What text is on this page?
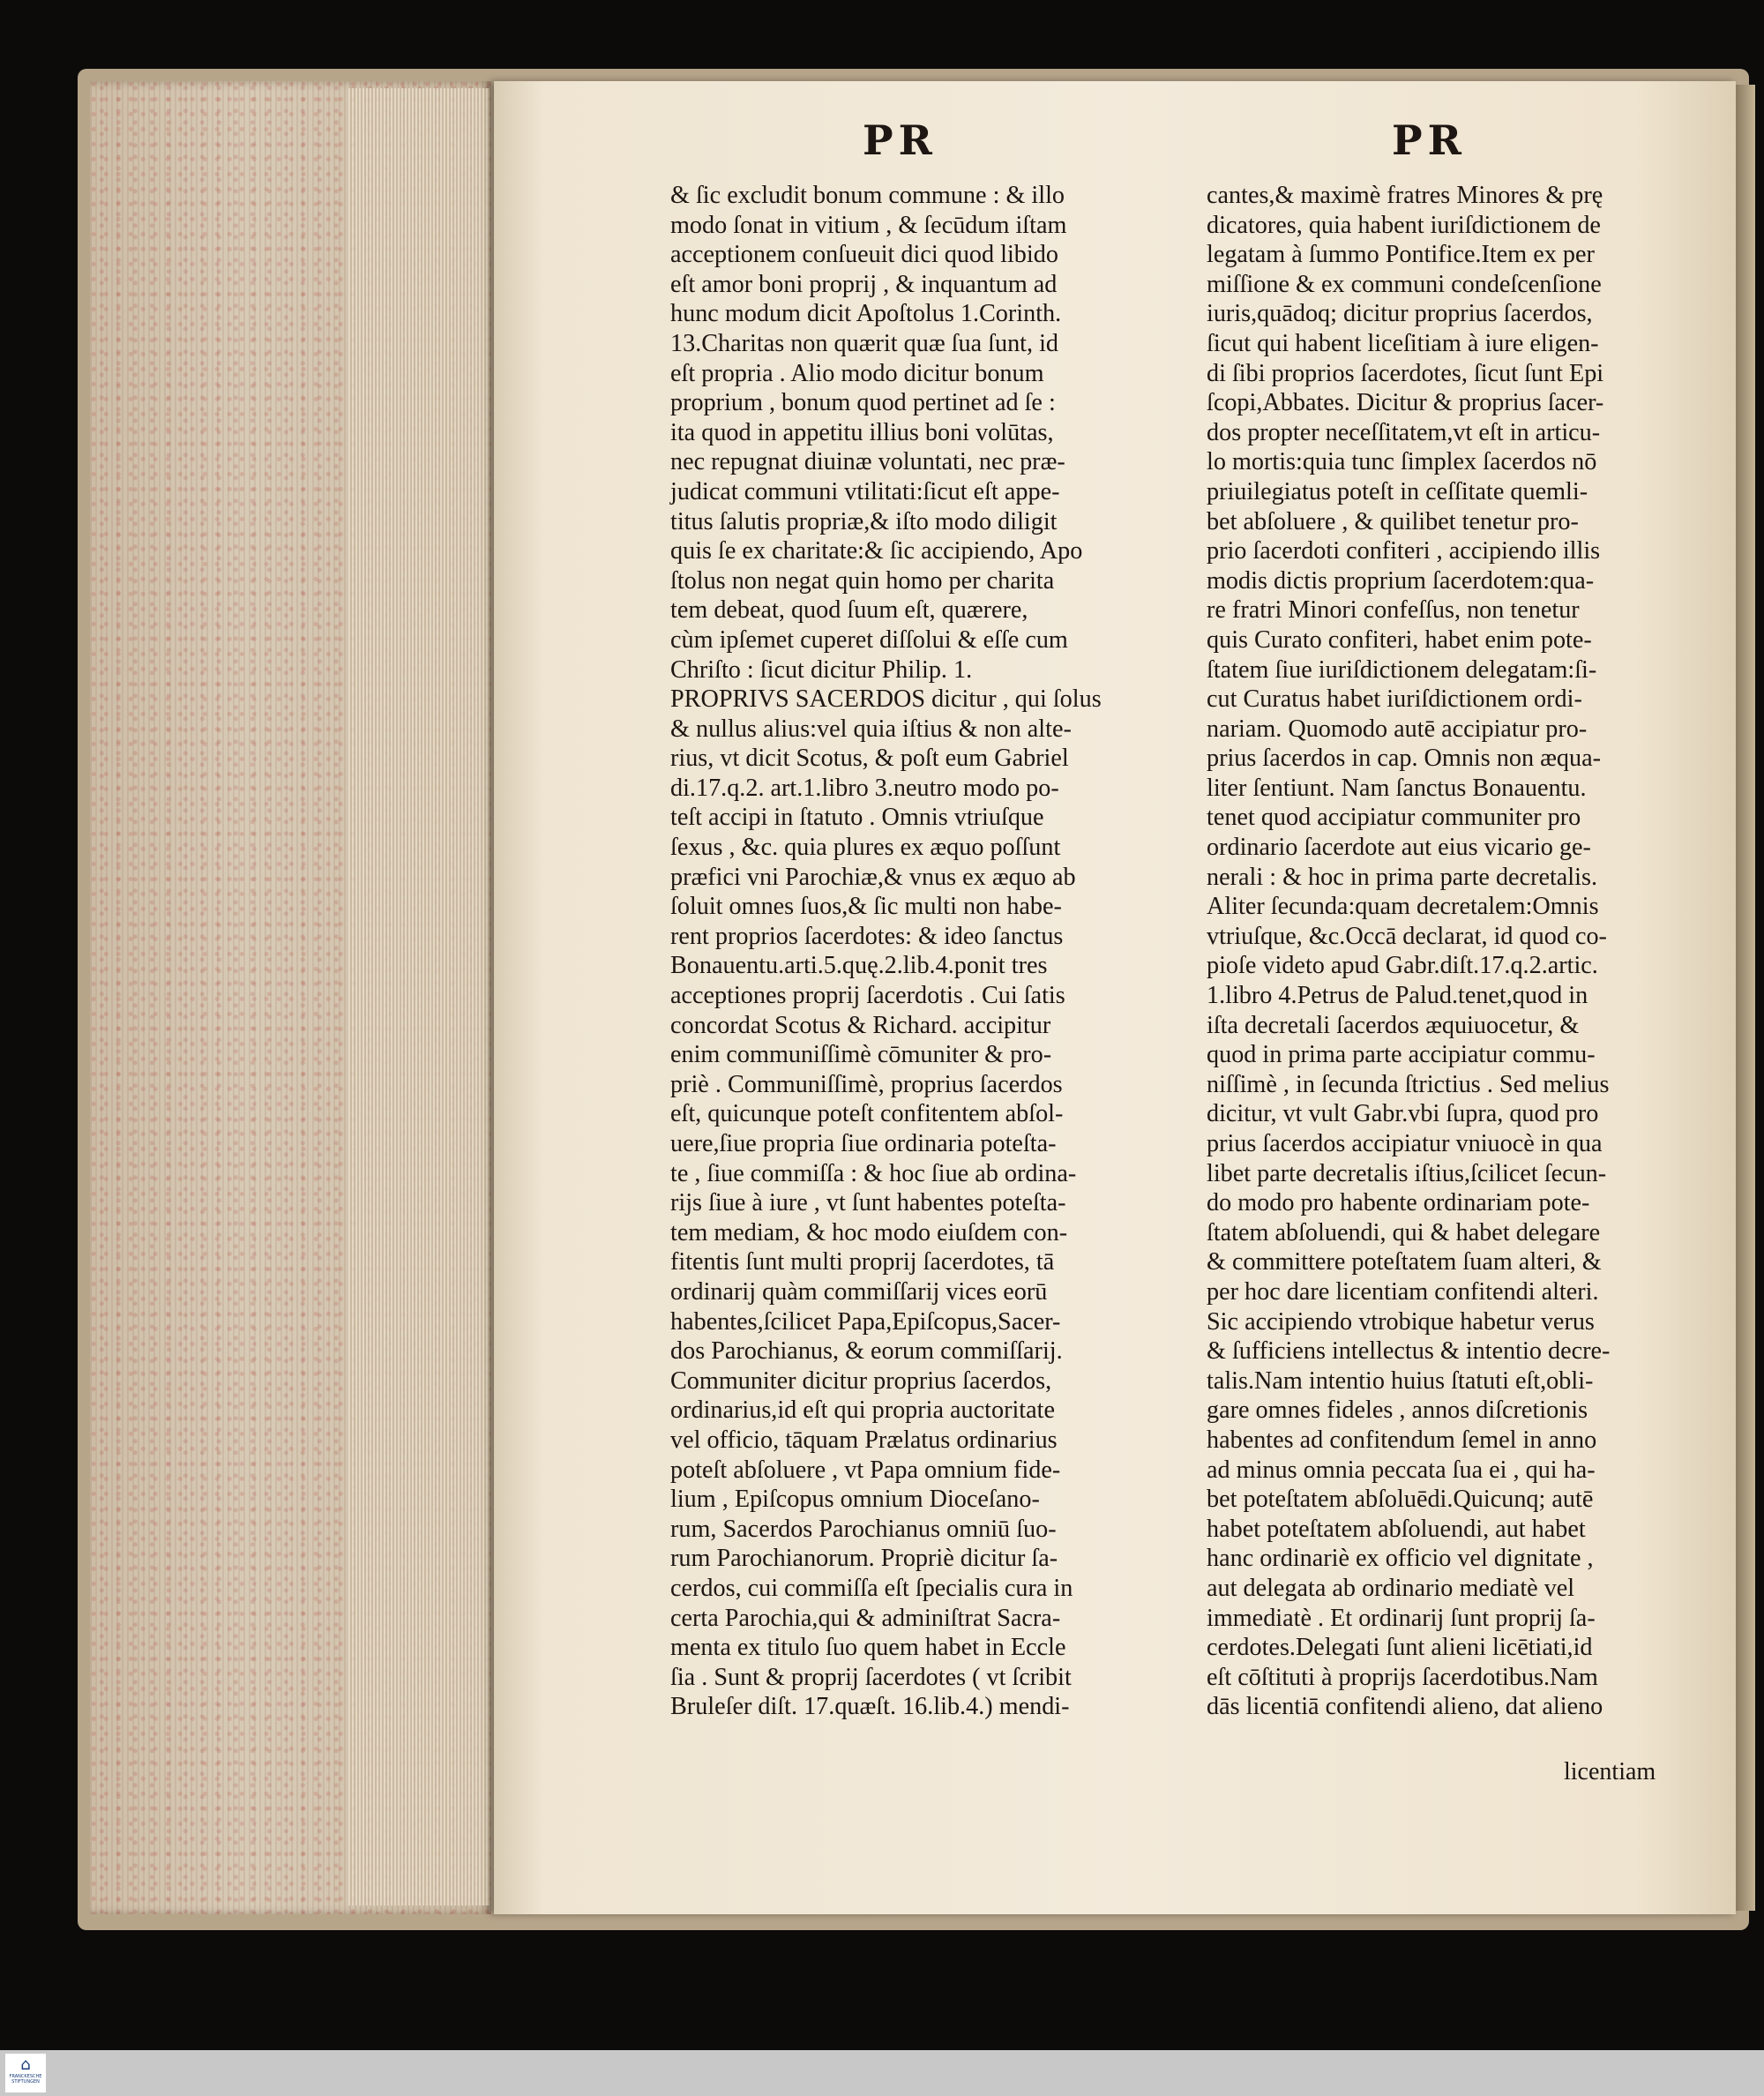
PR	PR
& ſic excludit bonum commune : & illo
modo ſonat in vitium , & ſecūdum iſtam
acceptionem conſueuit dici quod libido
eſt amor boni proprij , & inquantum ad
hunc modum dicit Apoſtolus 1.Corinth.
13.Charitas non quærit quæ ſua ſunt, id
eſt propria . Alio modo dicitur bonum
proprium , bonum quod pertinet ad ſe :
ita quod in appetitu illius boni volūtas,
nec repugnat diuinæ voluntati, nec præ-
judicat communi vtilitati:ſicut eſt appe-
titus ſalutis propriæ,& iſto modo diligit
quis ſe ex charitate:& ſic accipiendo, Apo
ſtolus non negat quin homo per charita
tem debeat, quod ſuum eſt, quærere,
cùm ipſemet cuperet diſſolui & eſſe cum
Chriſto : ſicut dicitur Philip. 1.
PROPRIVS SACERDOS dicitur , qui ſolus
& nullus alius:vel quia iſtius & non alte-
rius, vt dicit Scotus, & poſt eum Gabriel
di.17.q.2. art.1.libro 3.neutro modo po-
teſt accipi in ſtatuto . Omnis vtriuſque
ſexus , &c. quia plures ex æquo poſſunt
præfici vni Parochiæ,& vnus ex æquo ab
ſoluit omnes ſuos,& ſic multi non habe-
rent proprios ſacerdotes: & ideo ſanctus
Bonauentu.arti.5.quę.2.lib.4.ponit tres
acceptiones proprij ſacerdotis . Cui ſatis
concordat Scotus & Richard. accipitur
enim communiſſimè cōmuniter & pro-
priè . Communiſſimè, proprius ſacerdos
eſt, quicunque poteſt confitentem abſol-
uere,ſiue propria ſiue ordinaria poteſta-
te , ſiue commiſſa : & hoc ſiue ab ordina-
rijs ſiue à iure , vt ſunt habentes poteſta-
tem mediam, & hoc modo eiuſdem con-
fitentis ſunt multi proprij ſacerdotes, tā
ordinarij quàm commiſſarij vices eorū
habentes,ſcilicet Papa,Epiſcopus,Sacer-
dos Parochianus, & eorum commiſſarij.
Communiter dicitur proprius ſacerdos,
ordinarius,id eſt qui propria auctoritate
vel officio, tāquam Prælatus ordinarius
poteſt abſoluere , vt Papa omnium fide-
lium , Epiſcopus omnium Dioceſano-
rum, Sacerdos Parochianus omniū ſuo-
rum Parochianorum. Propriè dicitur ſa-
cerdos, cui commiſſa eſt ſpecialis cura in
certa Parochia,qui & adminiſtrat Sacra-
menta ex titulo ſuo quem habet in Eccle
ſia . Sunt & proprij ſacerdotes ( vt ſcribit
Bruleſer diſt. 17.quæſt. 16.lib.4.) mendi-
cantes,& maximè fratres Minores & prę
dicatores, quia habent iuriſdictionem de
legatam à ſummo Pontifice.Item ex per
miſſione & ex communi condeſcenſione
iuris,quādoq; dicitur proprius ſacerdos,
ſicut qui habent liceſitiam à iure eligen-
di ſibi proprios ſacerdotes, ſicut ſunt Epi
ſcopi,Abbates. Dicitur & proprius ſacer-
dos propter neceſſitatem,vt eſt in articu-
lo mortis:quia tunc ſimplex ſacerdos nō
priuilegiatus poteſt in ceſſitate quemli-
bet abſoluere , & quilibet tenetur pro-
prio ſacerdoti confiteri , accipiendo illis
modis dictis proprium ſacerdotem:qua-
re fratri Minori confeſſus, non tenetur
quis Curato confiteri, habet enim pote-
ſtatem ſiue iuriſdictionem delegatam:ſi-
cut Curatus habet iuriſdictionem ordi-
nariam. Quomodo autē accipiatur pro-
prius ſacerdos in cap. Omnis non æqua-
liter ſentiunt. Nam ſanctus Bonauentu.
tenet quod accipiatur communiter pro
ordinario ſacerdote aut eius vicario ge-
nerali : & hoc in prima parte decretalis.
Aliter ſecunda:quam decretalem:Omnis
vtriuſque, &c.Occā declarat, id quod co-
pioſe videto apud Gabr.diſt.17.q.2.artic.
1.libro 4.Petrus de Palud.tenet,quod in
iſta decretali ſacerdos æquiuocetur, &
quod in prima parte accipiatur commu-
niſſimè , in ſecunda ſtrictius . Sed melius
dicitur, vt vult Gabr.vbi ſupra, quod pro
prius ſacerdos accipiatur vniuocè in qua
libet parte decretalis iſtius,ſcilicet ſecun-
do modo pro habente ordinariam pote-
ſtatem abſoluendi, qui & habet delegare
& committere poteſtatem ſuam alteri, &
per hoc dare licentiam confitendi alteri.
Sic accipiendo vtrobique habetur verus
& ſufficiens intellectus & intentio decre-
talis.Nam intentio huius ſtatuti eſt,obli-
gare omnes fideles , annos diſcretionis
habentes ad confitendum ſemel in anno
ad minus omnia peccata ſua ei , qui ha-
bet poteſtatem abſoluēdi.Quicunq; autē
habet poteſtatem abſoluendi, aut habet
hanc ordinariè ex officio vel dignitate ,
aut delegata ab ordinario mediatè vel
immediatè . Et ordinarij ſunt proprij ſa-
cerdotes.Delegati ſunt alieni licētiati,id
eſt cōſtituti à proprijs ſacerdotibus.Nam
dās licentiā confitendi alieno, dat alieno
licentiam
⌂
FRANCKESCHE
STIFTUNGEN
